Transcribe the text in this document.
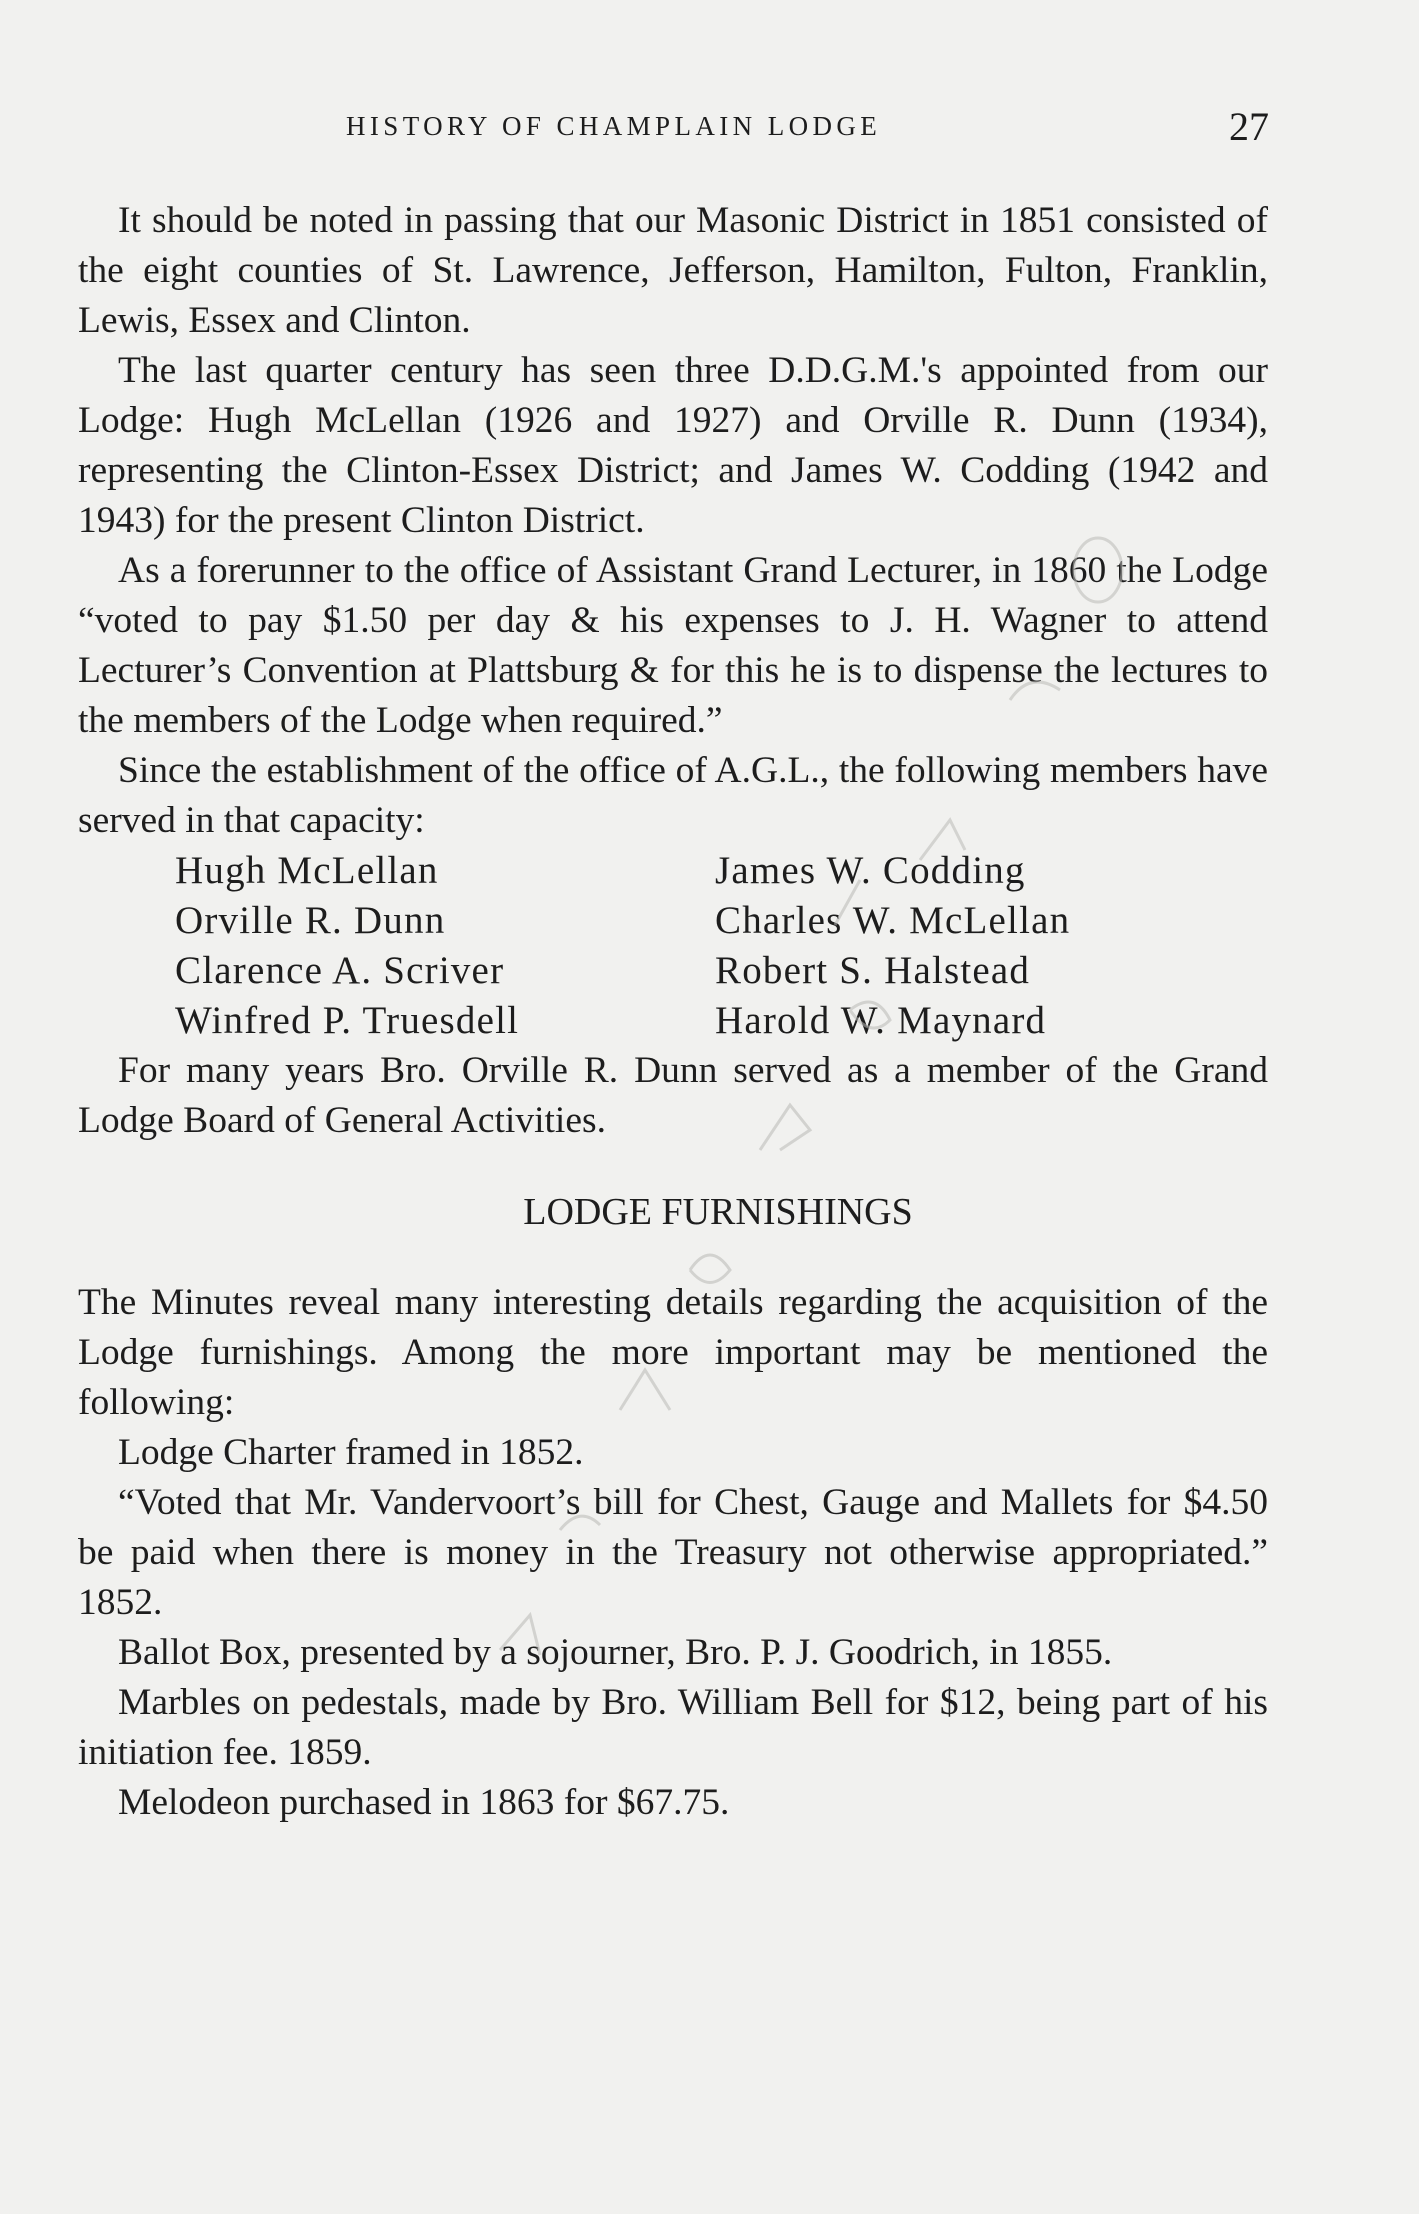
HISTORY OF CHAMPLAIN LODGE	27

It should be noted in passing that our Masonic District in 1851 consisted of the eight counties of St. Lawrence, Jefferson, Hamilton, Fulton, Franklin, Lewis, Essex and Clinton.

The last quarter century has seen three D.D.G.M.'s appointed from our Lodge: Hugh McLellan (1926 and 1927) and Orville R. Dunn (1934), representing the Clinton-Essex District; and James W. Codding (1942 and 1943) for the present Clinton District.

As a forerunner to the office of Assistant Grand Lecturer, in 1860 the Lodge “voted to pay $1.50 per day & his expenses to J. H. Wagner to attend Lecturer’s Convention at Plattsburg & for this he is to dispense the lectures to the members of the Lodge when required.”

Since the establishment of the office of A.G.L., the following members have served in that capacity:

Hugh McLellan	James W. Codding
Orville R. Dunn	Charles W. McLellan
Clarence A. Scriver	Robert S. Halstead
Winfred P. Truesdell	Harold W. Maynard

For many years Bro. Orville R. Dunn served as a member of the Grand Lodge Board of General Activities.

LODGE FURNISHINGS

The Minutes reveal many interesting details regarding the acquisition of the Lodge furnishings. Among the more important may be mentioned the following:

Lodge Charter framed in 1852.

“Voted that Mr. Vandervoort’s bill for Chest, Gauge and Mallets for $4.50 be paid when there is money in the Treasury not otherwise appropriated.” 1852.

Ballot Box, presented by a sojourner, Bro. P. J. Goodrich, in 1855.

Marbles on pedestals, made by Bro. William Bell for $12, being part of his initiation fee. 1859.

Melodeon purchased in 1863 for $67.75.
